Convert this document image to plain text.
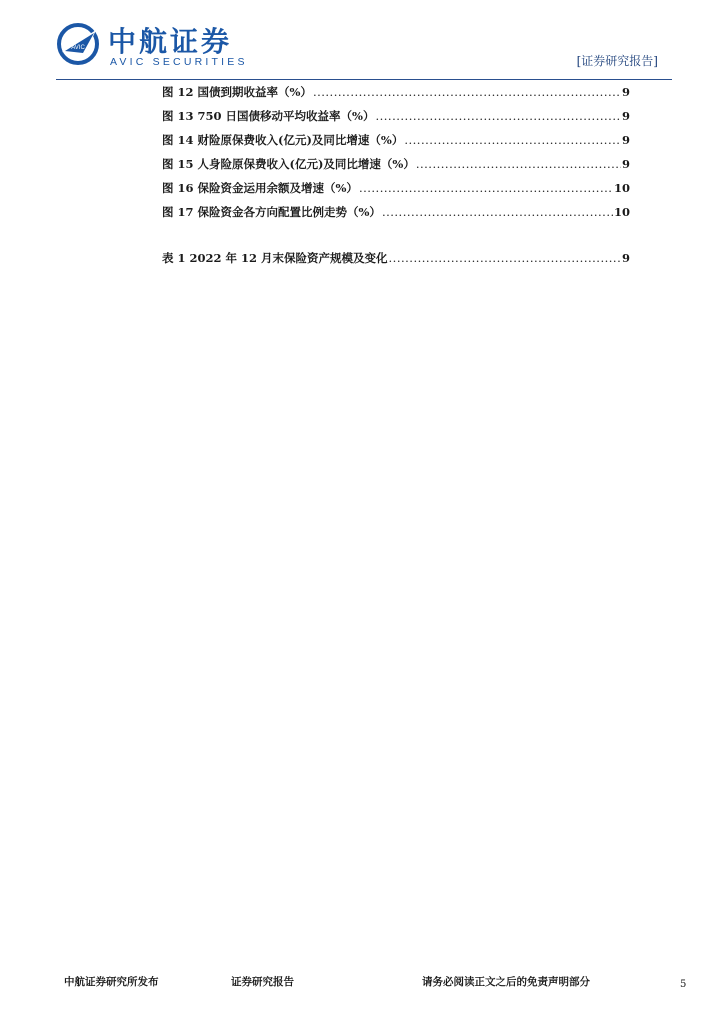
AVIC 中航证券
AVIC SECURITIES	[证券研究报告]
图 12 国债到期收益率（%） .....	9
图 13 750 日国债移动平均收益率（%） .....	9
图 14 财险原保费收入(亿元)及同比增速（%） .....	9
图 15 人身险原保费收入(亿元)及同比增速（%） .....	9
图 16 保险资金运用余额及增速（%） .....	10
图 17 保险资金各方向配置比例走势（%） .....	10
表 1 2022 年 12 月末保险资产规模及变化 .....	9
中航证券研究所发布	证券研究报告	请务必阅读正文之后的免责声明部分	5
